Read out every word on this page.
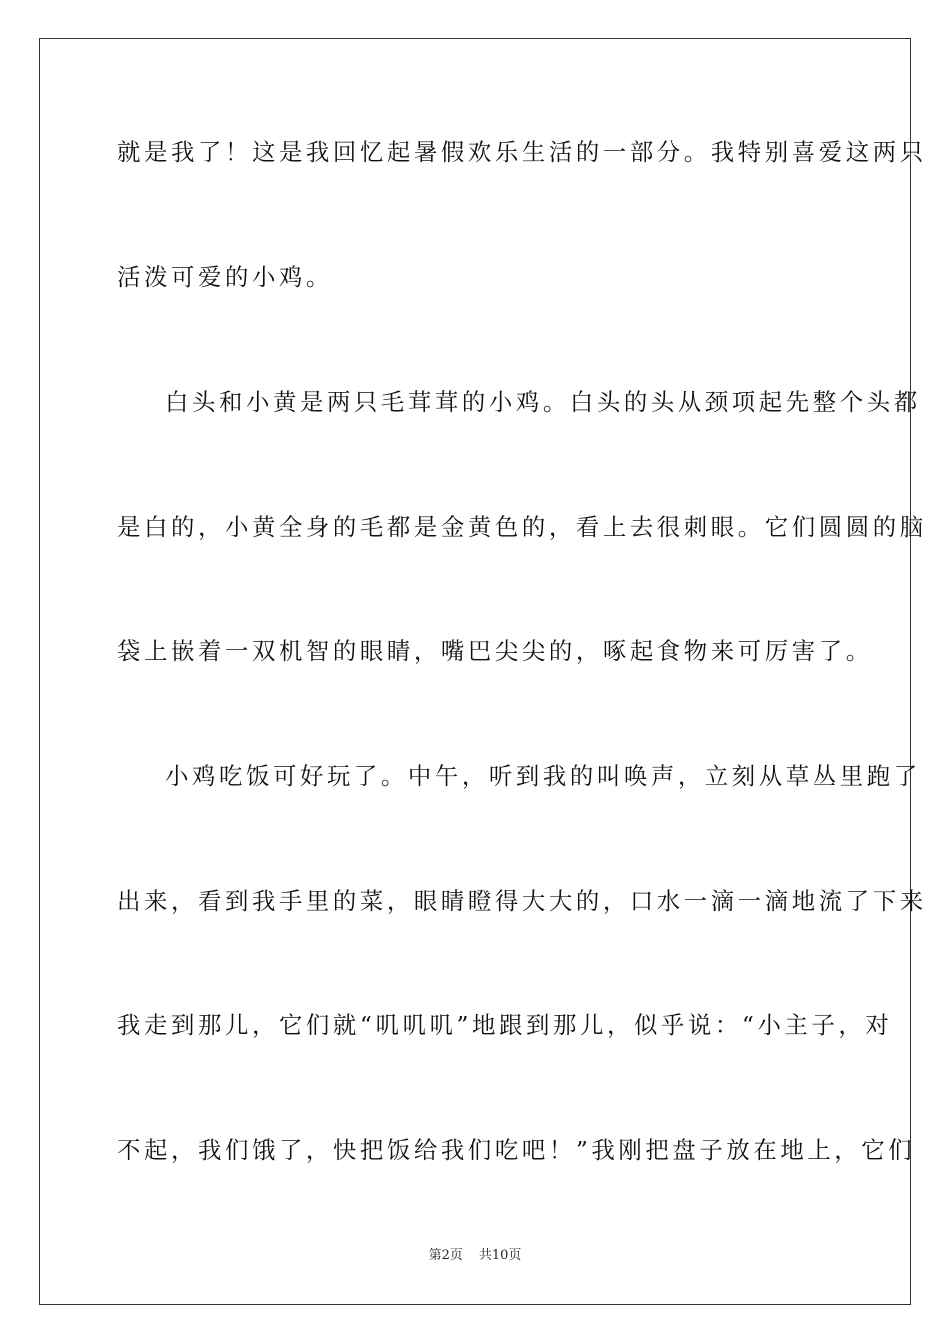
就是我了！这是我回忆起暑假欢乐生活的一部分。我特别喜爱这两只
活泼可爱的小鸡。
白头和小黄是两只毛茸茸的小鸡。白头的头从颈项起先整个头都
是白的，小黄全身的毛都是金黄色的，看上去很刺眼。它们圆圆的脑
袋上嵌着一双机智的眼睛，嘴巴尖尖的，啄起食物来可厉害了。
小鸡吃饭可好玩了。中午，听到我的叫唤声，立刻从草丛里跑了
出来，看到我手里的菜，眼睛瞪得大大的，口水一滴一滴地流了下来
我走到那儿，它们就“叽叽叽”地跟到那儿，似乎说：“小主子，对
不起，我们饿了，快把饭给我们吃吧！”我刚把盘子放在地上，它们
第2页 共10页
